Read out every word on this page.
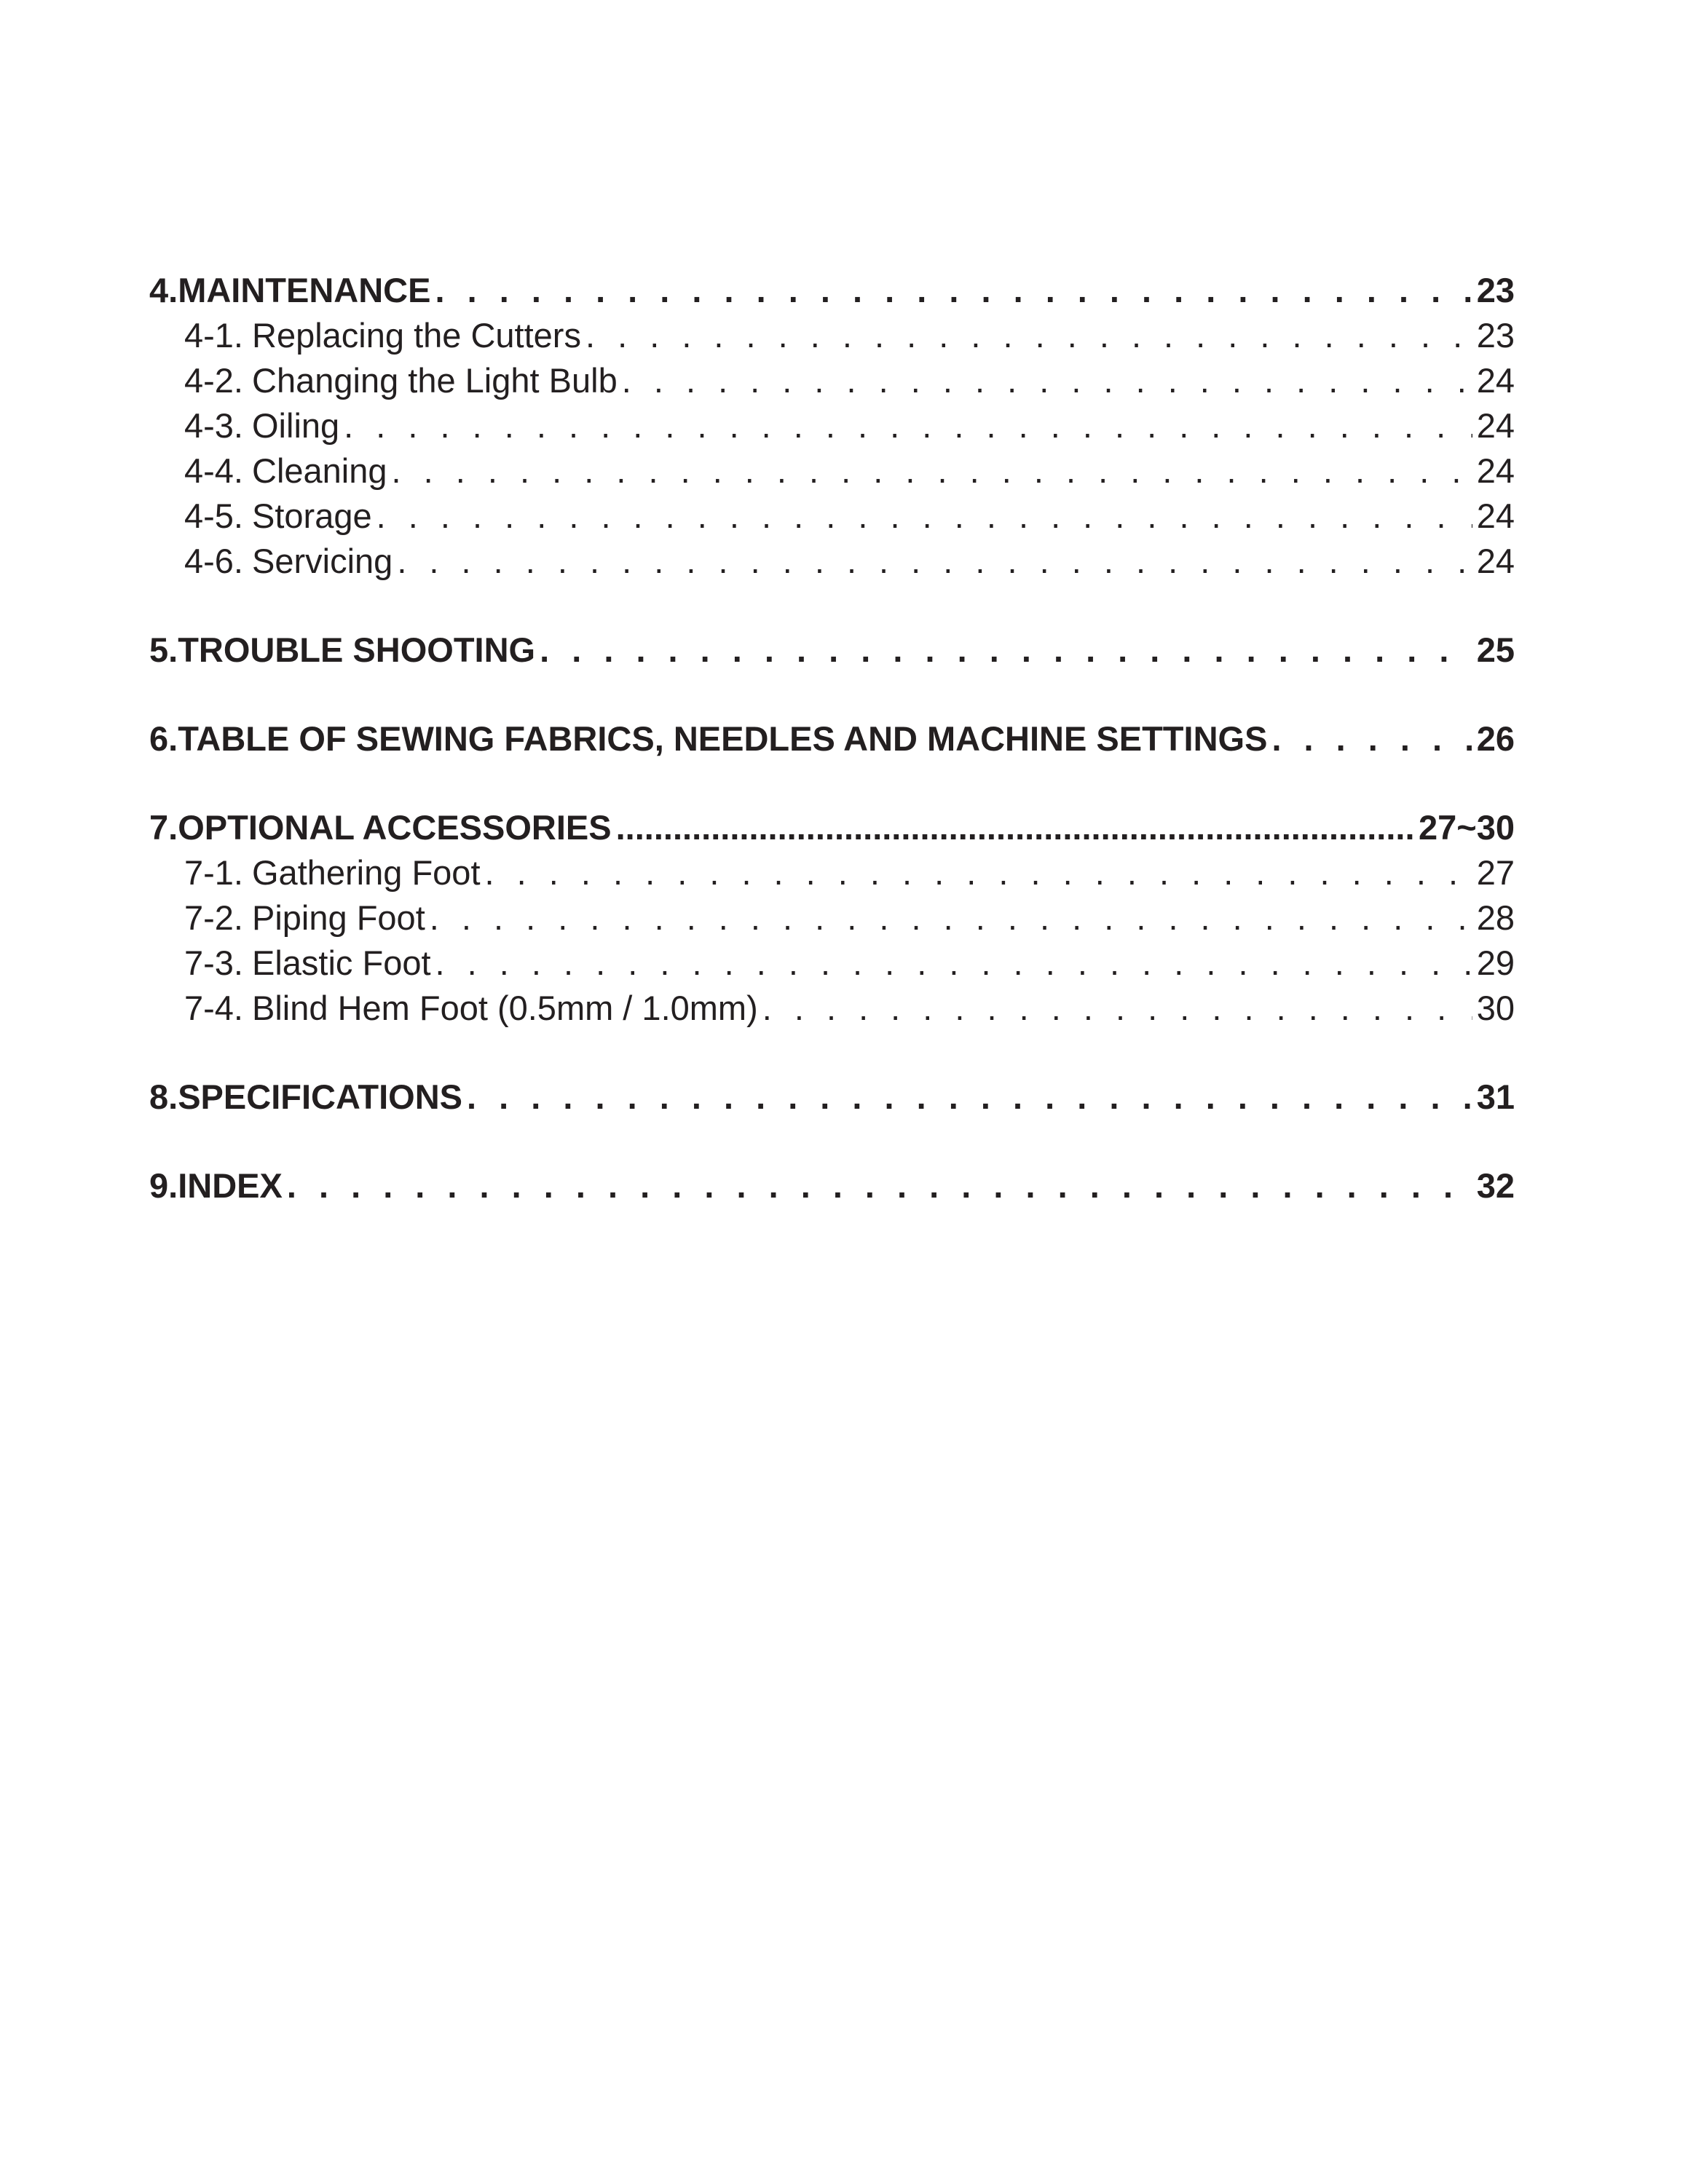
4. MAINTENANCE . . .	23
4-1. Replacing the Cutters . . .	23
4-2. Changing the Light Bulb . . .	24
4-3. Oiling . . .	24
4-4. Cleaning . . .	24
4-5. Storage . . .	24
4-6. Servicing . . .	24
5. TROUBLE SHOOTING . . .	25
6. TABLE OF SEWING FABRICS, NEEDLES AND MACHINE SETTINGS . . .	26
7. OPTIONAL ACCESSORIES .....	27~30
7-1. Gathering Foot . . .	27
7-2. Piping Foot . . .	28
7-3. Elastic Foot . . .	29
7-4. Blind Hem Foot (0.5mm / 1.0mm) . . .	30
8. SPECIFICATIONS . . .	31
9. INDEX . . .	32
